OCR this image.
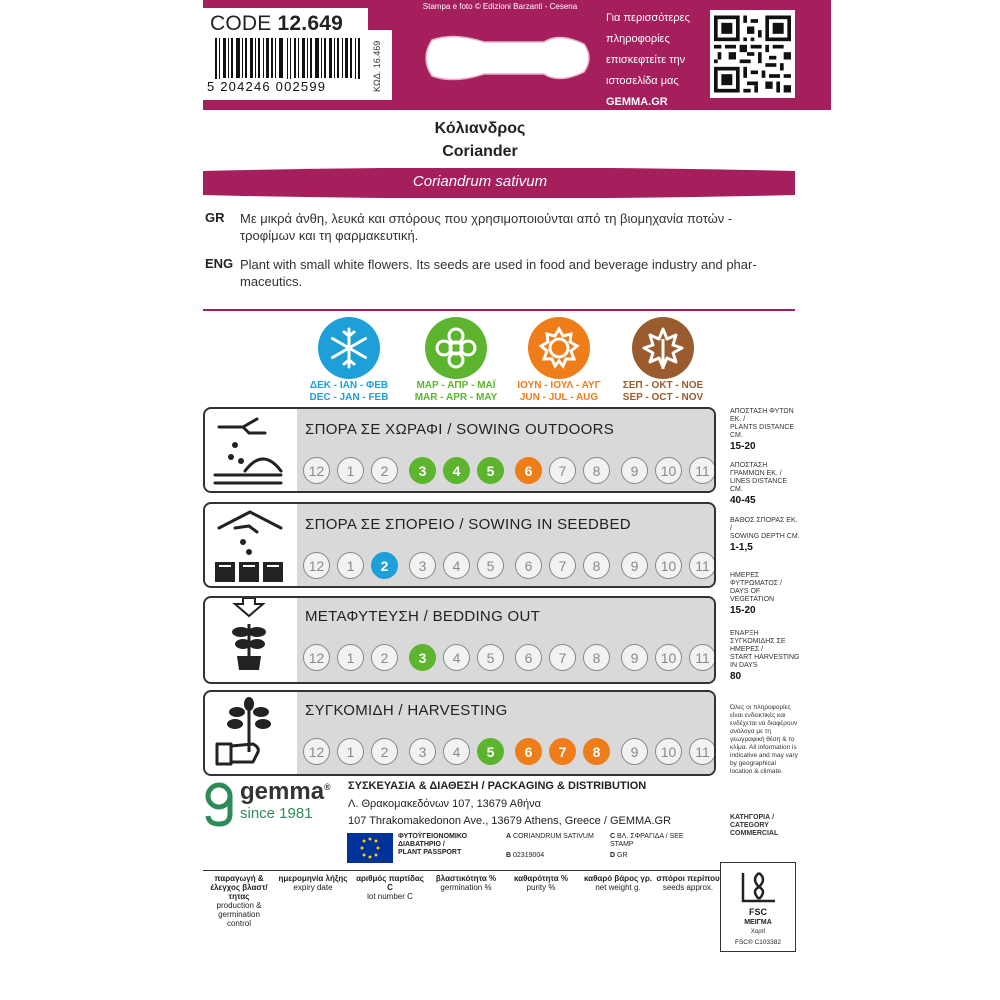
CODE 12.649
5 204246 002599	ΚΩΔ. 16.469
Stampa e foto © Edizioni Barzanti - Cesena
Για περισσότερες
πληροφορίες
επισκεφτείτε την
ιστοσελίδα μας
GEMMA.GR
Κόλιανδρος
Coriander
Coriandrum sativum
GR Με μικρά άνθη, λευκά και σπόρους που χρησιμοποιούνται από τη βιομηχανία ποτών -
τροφίμων και τη φαρμακευτική.
ENG Plant with small white flowers. Its seeds are used in food and beverage industry and phar-
maceutics.
ΔΕΚ - ΙΑΝ - ΦΕΒ
DEC - JAN - FEB
ΜΑΡ - ΑΠΡ - ΜΑΪ
MAR - APR - MAY
ΙΟΥΝ - ΙΟΥΛ - ΑΥΓ
JUN - JUL - AUG
ΣΕΠ - ΟΚΤ - ΝΟΕ
SEP - OCT - NOV
ΣΠΟΡΑ ΣΕ ΧΩΡΑΦΙ / SOWING OUTDOORS
12	1	2	3	4	5	6	7	8	9	10	11
ΣΠΟΡΑ ΣΕ ΣΠΟΡΕΙΟ / SOWING IN SEEDBED
12	1	2	3	4	5	6	7	8	9	10	11
ΜΕΤΑΦΥΤΕΥΣΗ / BEDDING OUT
12	1	2	3	4	5	6	7	8	9	10	11
ΣΥΓΚΟΜΙΔΗ / HARVESTING
12	1	2	3	4	5	6	7	8	9	10	11
ΑΠΟΣΤΑΣΗ ΦΥΤΩΝ ΕΚ. /
PLANTS DISTANCE CM.
15-20
ΑΠΟΣΤΑΣΗ ΓΡΑΜΜΩΝ ΕΚ. /
LINES DISTANCE CM.
40-45
ΒΑΘΟΣ ΣΠΟΡΑΣ ΕΚ. /
SOWING DEPTH CM.
1-1,5
ΗΜΕΡΕΣ ΦΥΤΡΩΜΑΤΟΣ /
DAYS OF VEGETATION
15-20
ΕΝΑΡΞΗ ΣΥΓΚΟΜΙΔΗΣ ΣΕ ΗΜΕΡΕΣ /
START HARVESTING IN DAYS
80
Όλες οι πληροφορίες είναι ενδεικτικές και ενδέχεται να διαφέρουν ανάλογα με τη γεωγραφική θέση & το κλίμα. All information is indicative and may vary by geographical location & climate.
ΚΑΤΗΓΟΡΙΑ / CATEGORY
COMMERCIAL
gemma®
since 1981
ΣΥΣΚΕΥΑΣΙΑ & ΔΙΑΘΕΣΗ / PACKAGING & DISTRIBUTION
Λ. Θρακομακεδόνων 107, 13679 Αθήνα
107 Thrakomakedonon Ave., 13679 Athens, Greece / GEMMA.GR
ΦΥΤΟΫΓΕΙΟΝΟΜΙΚΟ ΔΙΑΒΑΤΗΡΙΟ /
PLANT PASSPORT
A CORIANDRUM SATIVUM
B 02319004
C ΒΛ. ΣΦΡΑΓΙΔΑ / SEE STAMP
D GR
παραγωγή & έλεγχος βλαστ/τητας
production & germination control
ημερομηνία λήξης
expiry date
αριθμός παρτίδας C
lot number C
βλαστικότητα %
germination %
καθαρότητα %
purity %
καθαρό βάρος γρ.
net weight g.
σπόροι περίπου
seeds approx.
FSC
ΜΕΙΓΜΑ
Χαρτί
FSC® C103382
